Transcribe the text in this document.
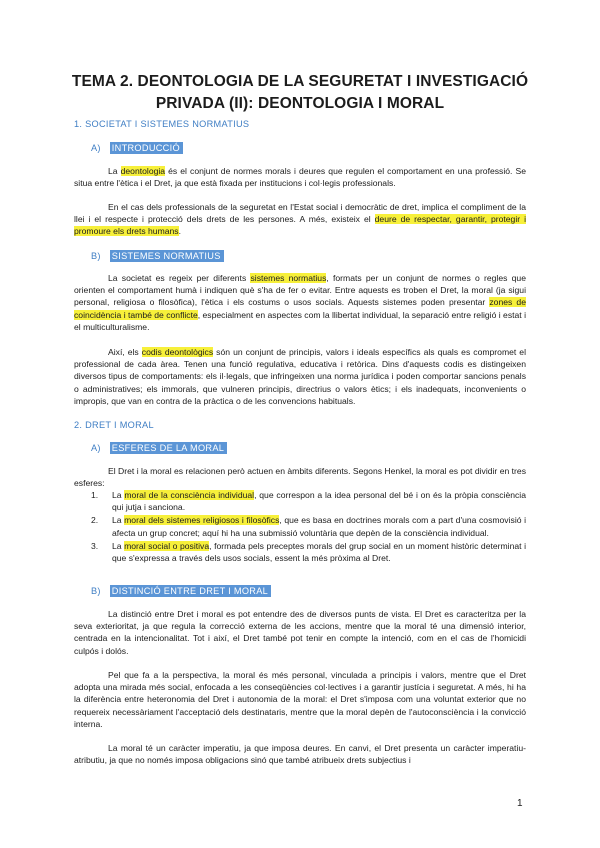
TEMA 2. DEONTOLOGIA DE LA SEGURETAT I INVESTIGACIÓ
PRIVADA (II): DEONTOLOGIA I MORAL
1. SOCIETAT I SISTEMES NORMATIUS
A) INTRODUCCIÓ
La deontologia és el conjunt de normes morals i deures que regulen el comportament en una professió. Se situa entre l'ètica i el Dret, ja que està fixada per institucions i col·legis professionals.
En el cas dels professionals de la seguretat en l'Estat social i democràtic de dret, implica el compliment de la llei i el respecte i protecció dels drets de les persones. A més, existeix el deure de respectar, garantir, protegir i promoure els drets humans.
B) SISTEMES NORMATIUS
La societat es regeix per diferents sistemes normatius, formats per un conjunt de normes o regles que orienten el comportament humà i indiquen què s'ha de fer o evitar. Entre aquests es troben el Dret, la moral (ja sigui personal, religiosa o filosòfica), l'ètica i els costums o usos socials. Aquests sistemes poden presentar zones de coincidència i també de conflicte, especialment en aspectes com la llibertat individual, la separació entre religió i estat i el multiculturalisme.
Així, els codis deontològics són un conjunt de principis, valors i ideals específics als quals es compromet el professional de cada àrea. Tenen una funció regulativa, educativa i retòrica. Dins d'aquests codis es distingeixen diversos tipus de comportaments: els il·legals, que infringeixen una norma jurídica i poden comportar sancions penals o administratives; els immorals, que vulneren principis, directrius o valors ètics; i els inadequats, inconvenients o impropis, que van en contra de la pràctica o de les convencions habituals.
2. DRET I MORAL
A) ESFERES DE LA MORAL
El Dret i la moral es relacionen però actuen en àmbits diferents. Segons Henkel, la moral es pot dividir en tres esferes:
1. La moral de la consciència individual, que correspon a la idea personal del bé i on és la pròpia consciència qui jutja i sanciona.
2. La moral dels sistemes religiosos i filosòfics, que es basa en doctrines morals com a part d'una cosmovisió i afecta un grup concret; aquí hi ha una submissió voluntària que depèn de la consciència individual.
3. La moral social o positiva, formada pels preceptes morals del grup social en un moment històric determinat i que s'expressa a través dels usos socials, essent la més pròxima al Dret.
B) DISTINCIÓ ENTRE DRET I MORAL
La distinció entre Dret i moral es pot entendre des de diversos punts de vista. El Dret es caracteritza per la seva exterioritat, ja que regula la correcció externa de les accions, mentre que la moral té una dimensió interior, centrada en la intencionalitat. Tot i així, el Dret també pot tenir en compte la intenció, com en el cas de l'homicidi culpós i dolós.
Pel que fa a la perspectiva, la moral és més personal, vinculada a principis i valors, mentre que el Dret adopta una mirada més social, enfocada a les conseqüències col·lectives i a garantir justícia i seguretat. A més, hi ha la diferència entre heteronomia del Dret i autonomia de la moral: el Dret s'imposa com una voluntat exterior que no requereix necessàriament l'acceptació dels destinataris, mentre que la moral depèn de l'autoconsciència i la convicció interna.
La moral té un caràcter imperatiu, ja que imposa deures. En canvi, el Dret presenta un caràcter imperatiu-atributiu, ja que no només imposa obligacions sinó que també atribueix drets subjectius i
1
